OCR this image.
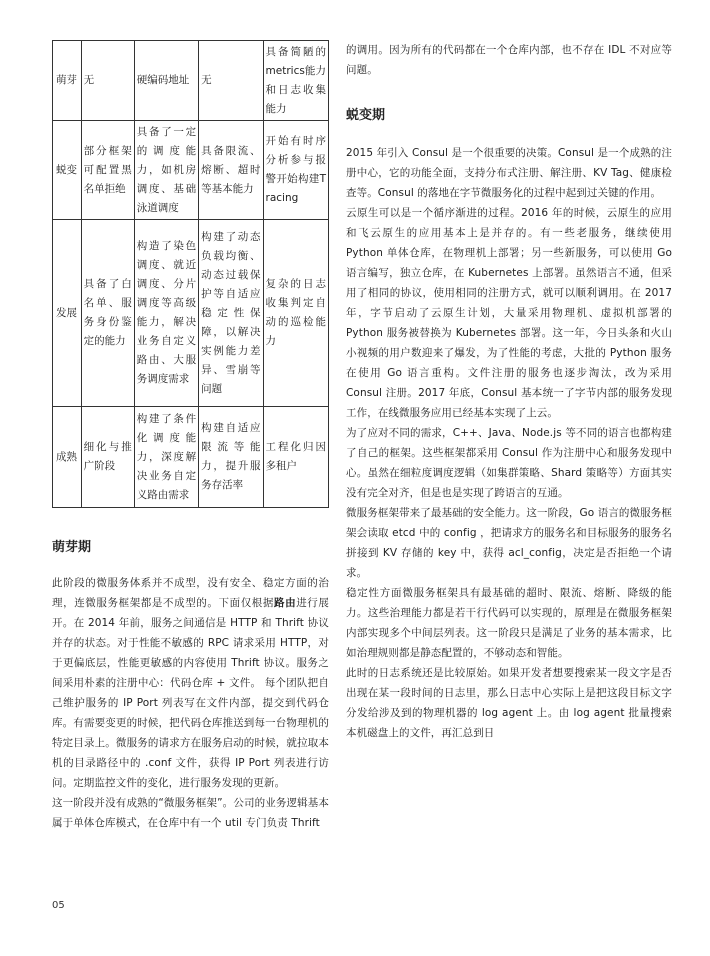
萌芽	无	硬编码地址	无	具备简陋的metrics能力和日志收集能力
蜕变	部分框架可配置黑名单拒绝	具备了一定的调度能力，如机房调度、基础泳道调度	具备限流、熔断、超时等基本能力	开始有时序分析参与报警开始构建Tracing
发展	具备了白名单、服务身份鉴定的能力	构造了染色调度、就近调度、分片调度等高级能力，解决业务自定义路由、大服务调度需求	构建了动态负载均衡、动态过载保护等自适应稳定性保障，以解决实例能力差异、雪崩等问题	复杂的日志收集判定自动的巡检能力
成熟	细化与推广阶段	构建了条件化调度能力，深度解决业务自定义路由需求	构建自适应限流等能力，提升服务存活率	工程化归因多租户
萌芽期

此阶段的微服务体系并不成型，没有安全、稳定方面的治理，连微服务框架都是不成型的。下面仅根据路由进行展开。在 2014 年前，服务之间通信是 HTTP 和 Thrift 协议并存的状态。对于性能不敏感的 RPC 请求采用 HTTP，对于更偏底层，性能更敏感的内容使用 Thrift 协议。服务之间采用朴素的注册中心：代码仓库 + 文件。 每个团队把自己维护服务的 IP Port 列表写在文件内部，提交到代码仓库。有需要变更的时候，把代码仓库推送到每一台物理机的特定目录上。微服务的请求方在服务启动的时候，就拉取本机的目录路径中的 .conf 文件，获得 IP Port 列表进行访问。定期监控文件的变化，进行服务发现的更新。

这一阶段并没有成熟的“微服务框架”。公司的业务逻辑基本属于单体仓库模式，在仓库中有一个 util 专门负责 Thrift

的调用。因为所有的代码都在一个仓库内部，也不存在 IDL 不对应等问题。

蜕变期

2015 年引入 Consul 是一个很重要的决策。Consul 是一个成熟的注册中心，它的功能全面，支持分布式注册、解注册、KV Tag、健康检查等。Consul 的落地在字节微服务化的过程中起到过关键的作用。

云原生可以是一个循序渐进的过程。2016 年的时候，云原生的应用和飞云原生的应用基本上是并存的。有一些老服务，继续使用 Python 单体仓库，在物理机上部署；另一些新服务，可以使用 Go 语言编写，独立仓库，在 Kubernetes 上部署。虽然语言不通，但采用了相同的协议，使用相同的注册方式，就可以顺利调用。在 2017 年，字节启动了云原生计划，大量采用物理机、虚拟机部署的 Python 服务被替换为 Kubernetes 部署。这一年，今日头条和火山小视频的用户数迎来了爆发，为了性能的考虑，大批的 Python 服务在使用 Go 语言重构。文件注册的服务也逐步淘汰，改为采用 Consul 注册。2017 年底，Consul 基本统一了字节内部的服务发现工作，在线微服务应用已经基本实现了上云。

为了应对不同的需求，C++、Java、Node.js 等不同的语言也都构建了自己的框架。这些框架都采用 Consul 作为注册中心和服务发现中心。虽然在细粒度调度逻辑（如集群策略、Shard 策略等）方面其实没有完全对齐，但是也是实现了跨语言的互通。

微服务框架带来了最基础的安全能力。这一阶段，Go 语言的微服务框架会读取 etcd 中的 config ，把请求方的服务名和目标服务的服务名拼接到 KV 存储的 key 中，获得 acl_config，决定是否拒绝一个请求。

稳定性方面微服务框架具有最基础的超时、限流、熔断、降级的能力。这些治理能力都是若干行代码可以实现的，原理是在微服务框架内部实现多个中间层列表。这一阶段只是满足了业务的基本需求，比如治理规则都是静态配置的，不够动态和智能。

此时的日志系统还是比较原始。如果开发者想要搜索某一段文字是否出现在某一段时间的日志里，那么日志中心实际上是把这段目标文字分发给涉及到的物理机器的 log agent 上。由 log agent 批量搜索本机磁盘上的文件，再汇总到日

05
